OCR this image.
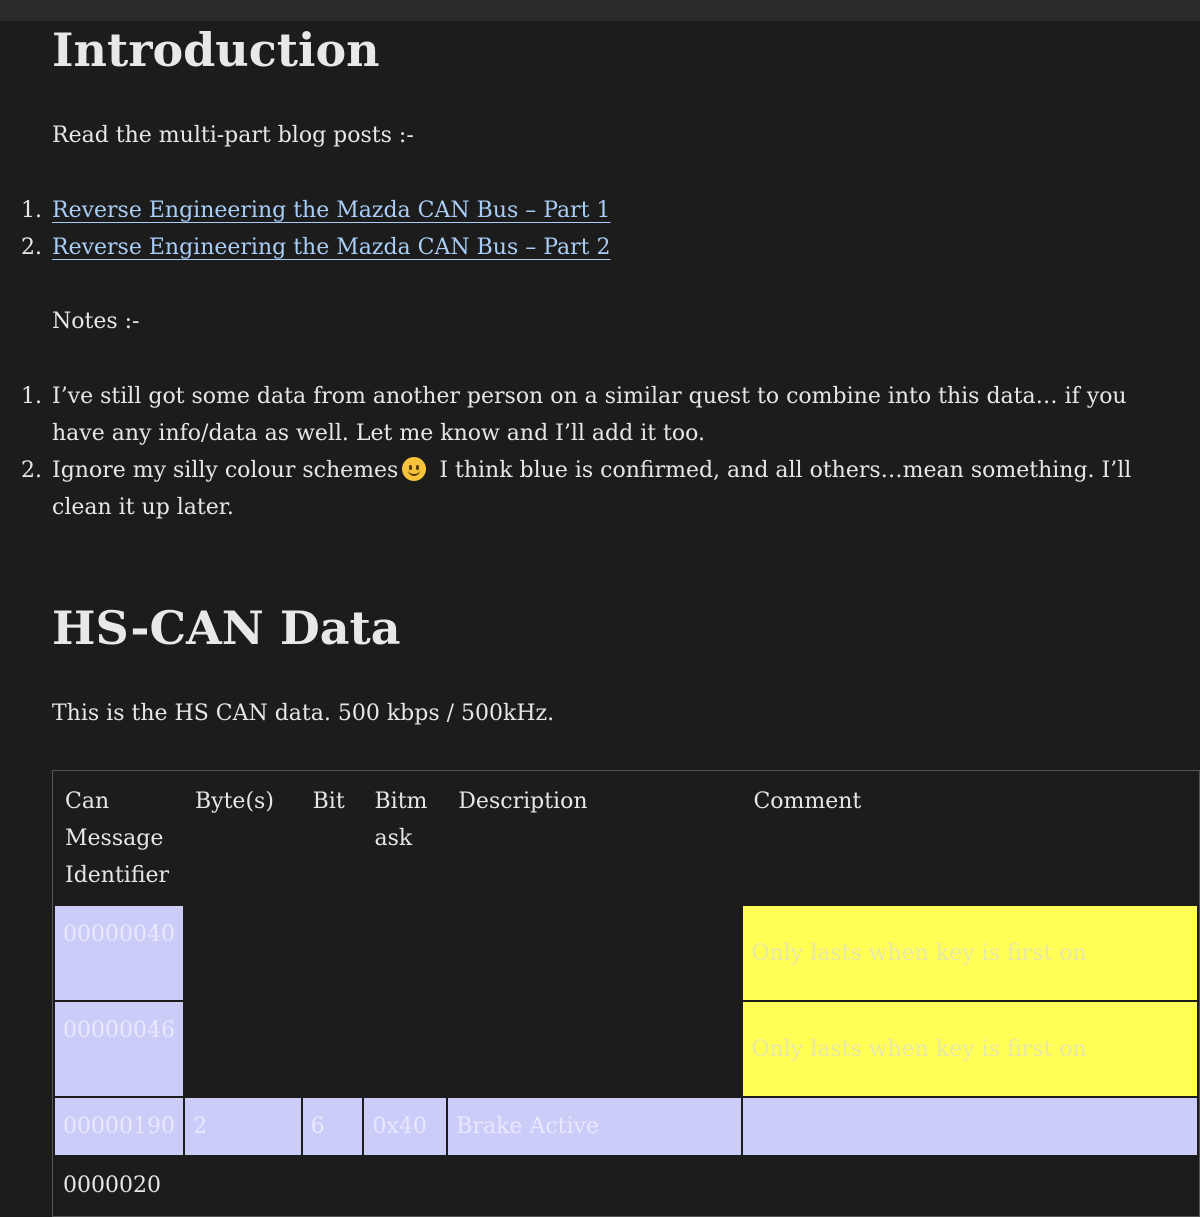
Introduction

Read the multi-part blog posts :-

1. Reverse Engineering the Mazda CAN Bus – Part 1
2. Reverse Engineering the Mazda CAN Bus – Part 2

Notes :-

1. I’ve still got some data from another person on a similar quest to combine into this data… if you have any info/data as well. Let me know and I’ll add it too.
2. Ignore my silly colour schemes
I think blue is confirmed, and all others…mean something. I’ll clean it up later.
HS-CAN Data

This is the HS CAN data. 500 kbps / 500kHz.

Can Message Identifier	Byte(s)	Bit	Bitm ask	Description	Comment
00000040					Only lasts when key is first on
00000046					Only lasts when key is first on
00000190	2	6	0x40	Brake Active	
0000020					
